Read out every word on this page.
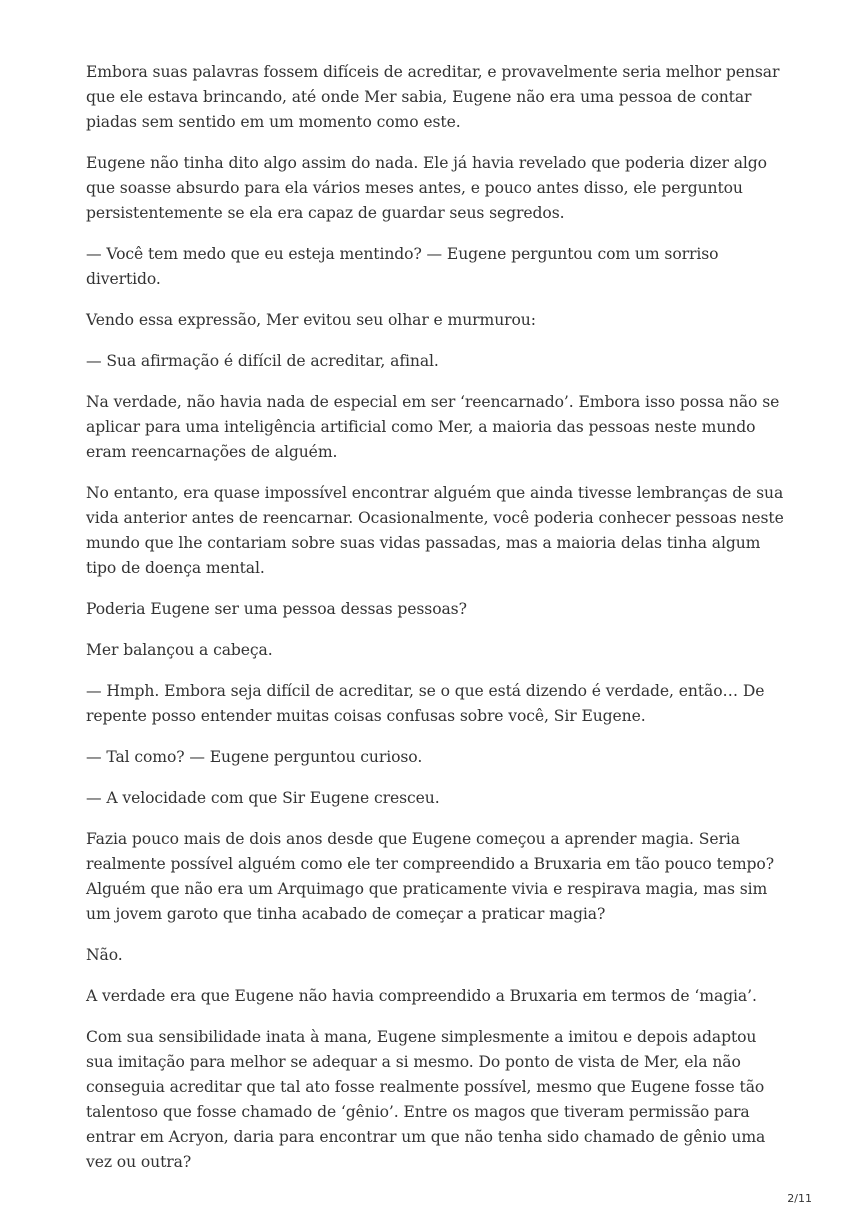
Embora suas palavras fossem difíceis de acreditar, e provavelmente seria melhor pensar que ele estava brincando, até onde Mer sabia, Eugene não era uma pessoa de contar piadas sem sentido em um momento como este.

Eugene não tinha dito algo assim do nada. Ele já havia revelado que poderia dizer algo que soasse absurdo para ela vários meses antes, e pouco antes disso, ele perguntou persistentemente se ela era capaz de guardar seus segredos.

— Você tem medo que eu esteja mentindo? — Eugene perguntou com um sorriso divertido.

Vendo essa expressão, Mer evitou seu olhar e murmurou:

— Sua afirmação é difícil de acreditar, afinal.

Na verdade, não havia nada de especial em ser ‘reencarnado’. Embora isso possa não se aplicar para uma inteligência artificial como Mer, a maioria das pessoas neste mundo eram reencarnações de alguém.

No entanto, era quase impossível encontrar alguém que ainda tivesse lembranças de sua vida anterior antes de reencarnar. Ocasionalmente, você poderia conhecer pessoas neste mundo que lhe contariam sobre suas vidas passadas, mas a maioria delas tinha algum tipo de doença mental.

Poderia Eugene ser uma pessoa dessas pessoas?

Mer balançou a cabeça.

— Hmph. Embora seja difícil de acreditar, se o que está dizendo é verdade, então… De repente posso entender muitas coisas confusas sobre você, Sir Eugene.

— Tal como? — Eugene perguntou curioso.

— A velocidade com que Sir Eugene cresceu.

Fazia pouco mais de dois anos desde que Eugene começou a aprender magia. Seria realmente possível alguém como ele ter compreendido a Bruxaria em tão pouco tempo? Alguém que não era um Arquimago que praticamente vivia e respirava magia, mas sim um jovem garoto que tinha acabado de começar a praticar magia?

Não.

A verdade era que Eugene não havia compreendido a Bruxaria em termos de ‘magia’.

Com sua sensibilidade inata à mana, Eugene simplesmente a imitou e depois adaptou sua imitação para melhor se adequar a si mesmo. Do ponto de vista de Mer, ela não conseguia acreditar que tal ato fosse realmente possível, mesmo que Eugene fosse tão talentoso que fosse chamado de ‘gênio’. Entre os magos que tiveram permissão para entrar em Acryon, daria para encontrar um que não tenha sido chamado de gênio uma vez ou outra?

2/11
